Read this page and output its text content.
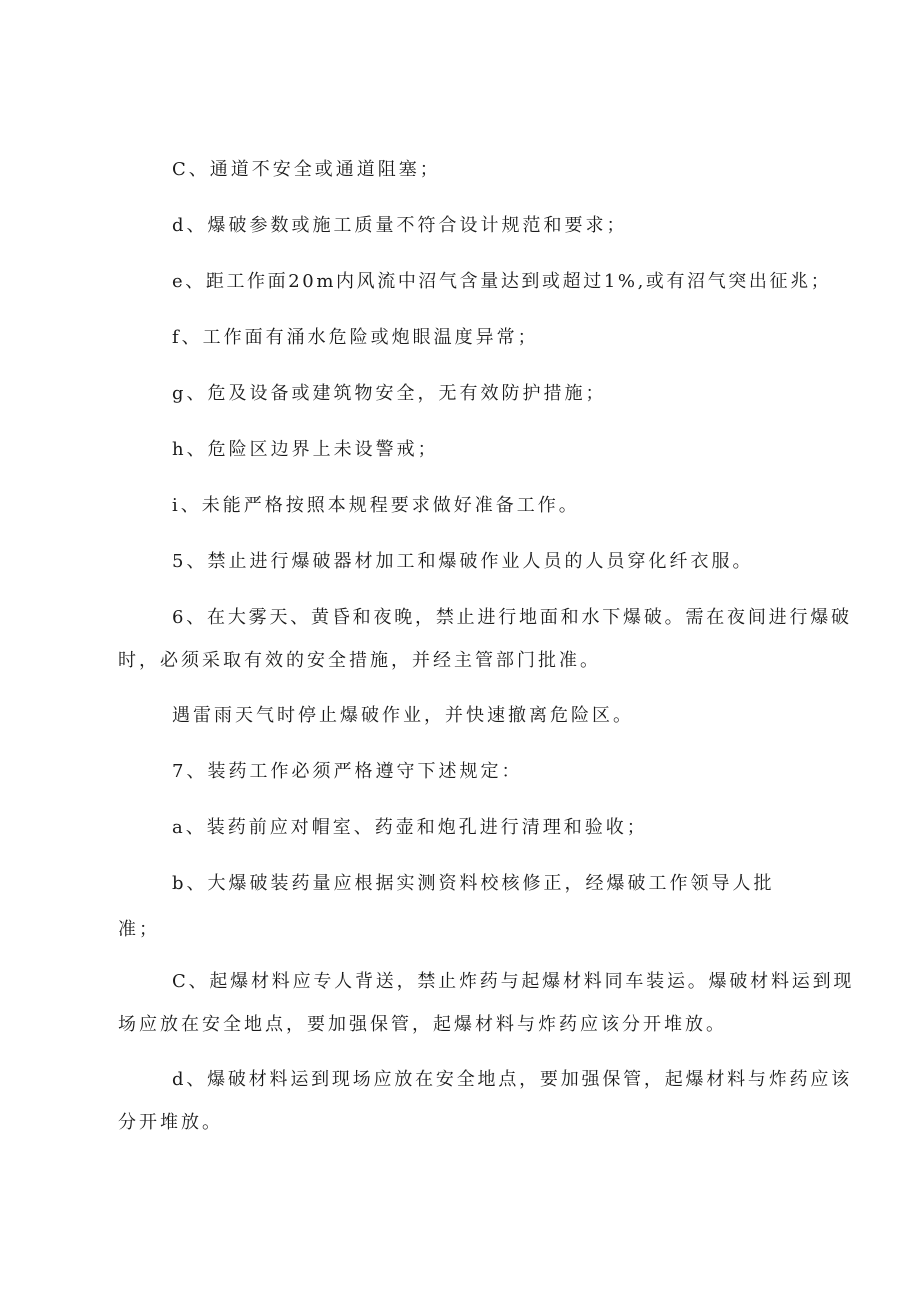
C、通道不安全或通道阻塞；
d、爆破参数或施工质量不符合设计规范和要求；
e、距工作面20m内风流中沼气含量达到或超过1%,或有沼气突出征兆；
f、工作面有涌水危险或炮眼温度异常；
g、危及设备或建筑物安全，无有效防护措施；
h、危险区边界上未设警戒；
i、未能严格按照本规程要求做好准备工作。
5、禁止进行爆破器材加工和爆破作业人员的人员穿化纤衣服。
6、在大雾天、黄昏和夜晚，禁止进行地面和水下爆破。需在夜间进行爆破
时，必须采取有效的安全措施，并经主管部门批准。
遇雷雨天气时停止爆破作业，并快速撤离危险区。
7、装药工作必须严格遵守下述规定：
a、装药前应对帽室、药壶和炮孔进行清理和验收；
b、大爆破装药量应根据实测资料校核修正，经爆破工作领导人批
准；
C、起爆材料应专人背送，禁止炸药与起爆材料同车装运。爆破材料运到现
场应放在安全地点，要加强保管，起爆材料与炸药应该分开堆放。
d、爆破材料运到现场应放在安全地点，要加强保管，起爆材料与炸药应该
分开堆放。
